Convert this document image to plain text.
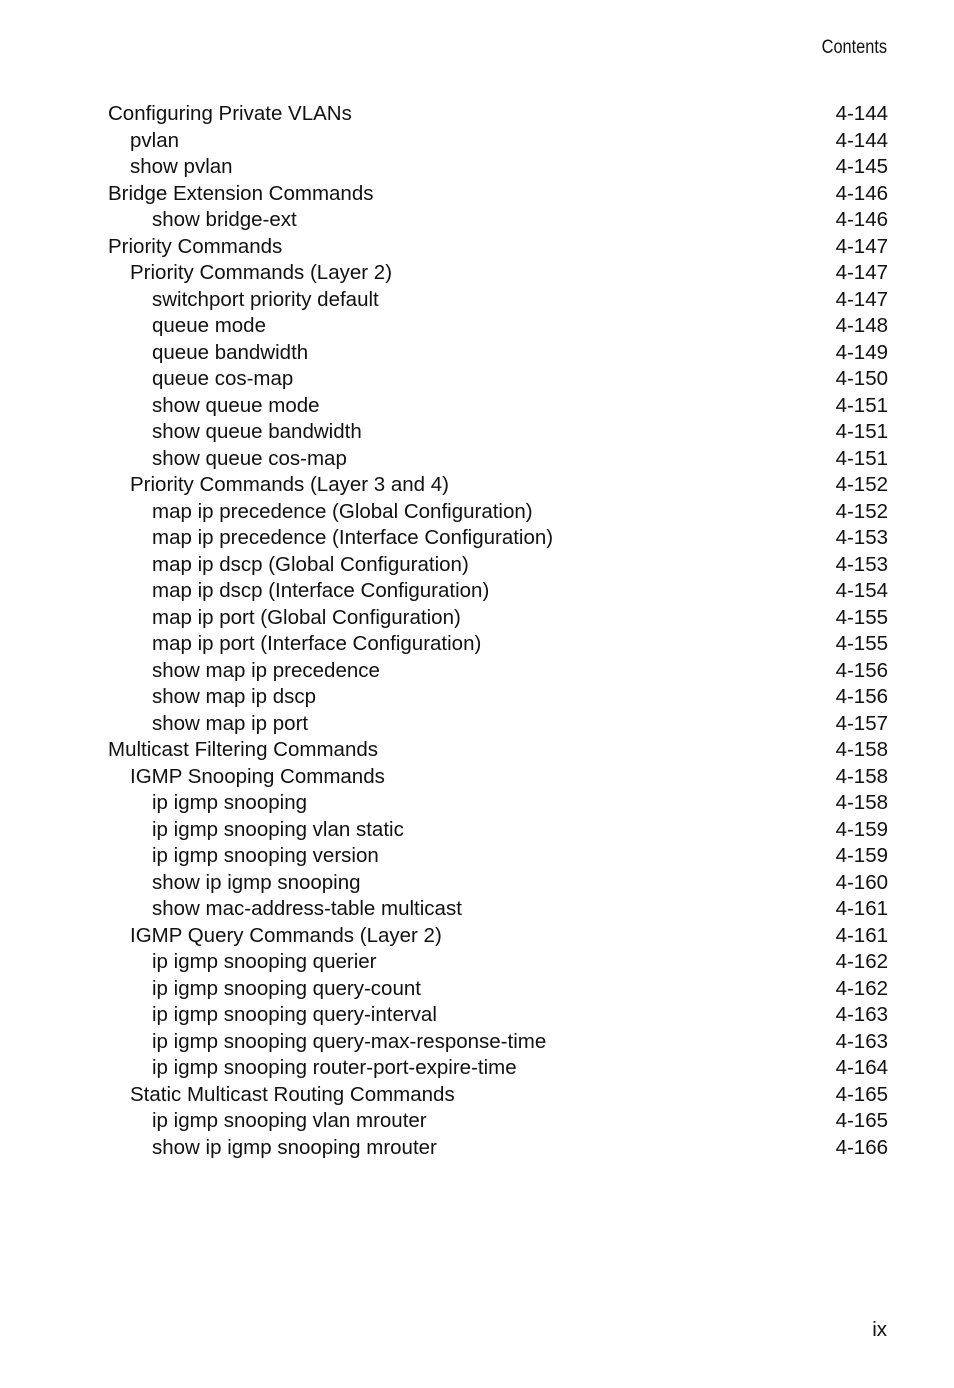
Contents
Configuring Private VLANs	4-144
pvlan	4-144
show pvlan	4-145
Bridge Extension Commands	4-146
show bridge-ext	4-146
Priority Commands	4-147
Priority Commands (Layer 2)	4-147
switchport priority default	4-147
queue mode	4-148
queue bandwidth	4-149
queue cos-map	4-150
show queue mode	4-151
show queue bandwidth	4-151
show queue cos-map	4-151
Priority Commands (Layer 3 and 4)	4-152
map ip precedence (Global Configuration)	4-152
map ip precedence (Interface Configuration)	4-153
map ip dscp (Global Configuration)	4-153
map ip dscp (Interface Configuration)	4-154
map ip port (Global Configuration)	4-155
map ip port (Interface Configuration)	4-155
show map ip precedence	4-156
show map ip dscp	4-156
show map ip port	4-157
Multicast Filtering Commands	4-158
IGMP Snooping Commands	4-158
ip igmp snooping	4-158
ip igmp snooping vlan static	4-159
ip igmp snooping version	4-159
show ip igmp snooping	4-160
show mac-address-table multicast	4-161
IGMP Query Commands (Layer 2)	4-161
ip igmp snooping querier	4-162
ip igmp snooping query-count	4-162
ip igmp snooping query-interval	4-163
ip igmp snooping query-max-response-time	4-163
ip igmp snooping router-port-expire-time	4-164
Static Multicast Routing Commands	4-165
ip igmp snooping vlan mrouter	4-165
show ip igmp snooping mrouter	4-166
ix
